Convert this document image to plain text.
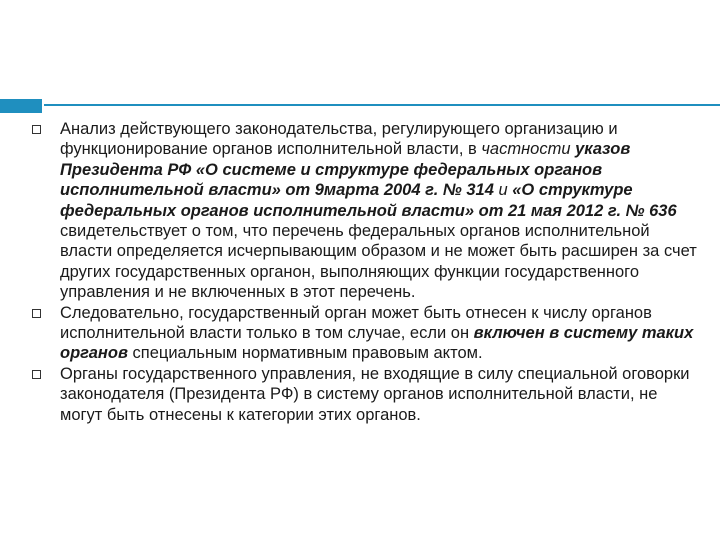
Анализ действующего законодательства, регулирующего организацию и функционирование органов исполнительной власти, в частности указов Президента РФ «О системе и структуре федеральных органов исполнительной власти» от 9марта 2004 г. № 314 и «О структуре федеральных органов исполнительной власти» от 21 мая 2012 г. № 636 свидетельствует о том, что перечень федеральных органов исполнительной власти определяется исчерпывающим образом и не может быть расширен за счет других государственных органон, выполняющих функции государственного управления и не включенных в этот перечень.
Следовательно, государственный орган может быть отнесен к числу органов исполнительной власти только в том случае, если он включен в систему таких органов специальным нормативным правовым актом.
Органы государственного управления, не входящие в силу специальной оговорки законодателя (Президента РФ) в систему органов исполнительной власти, не могут быть отнесены к категории этих органов.
